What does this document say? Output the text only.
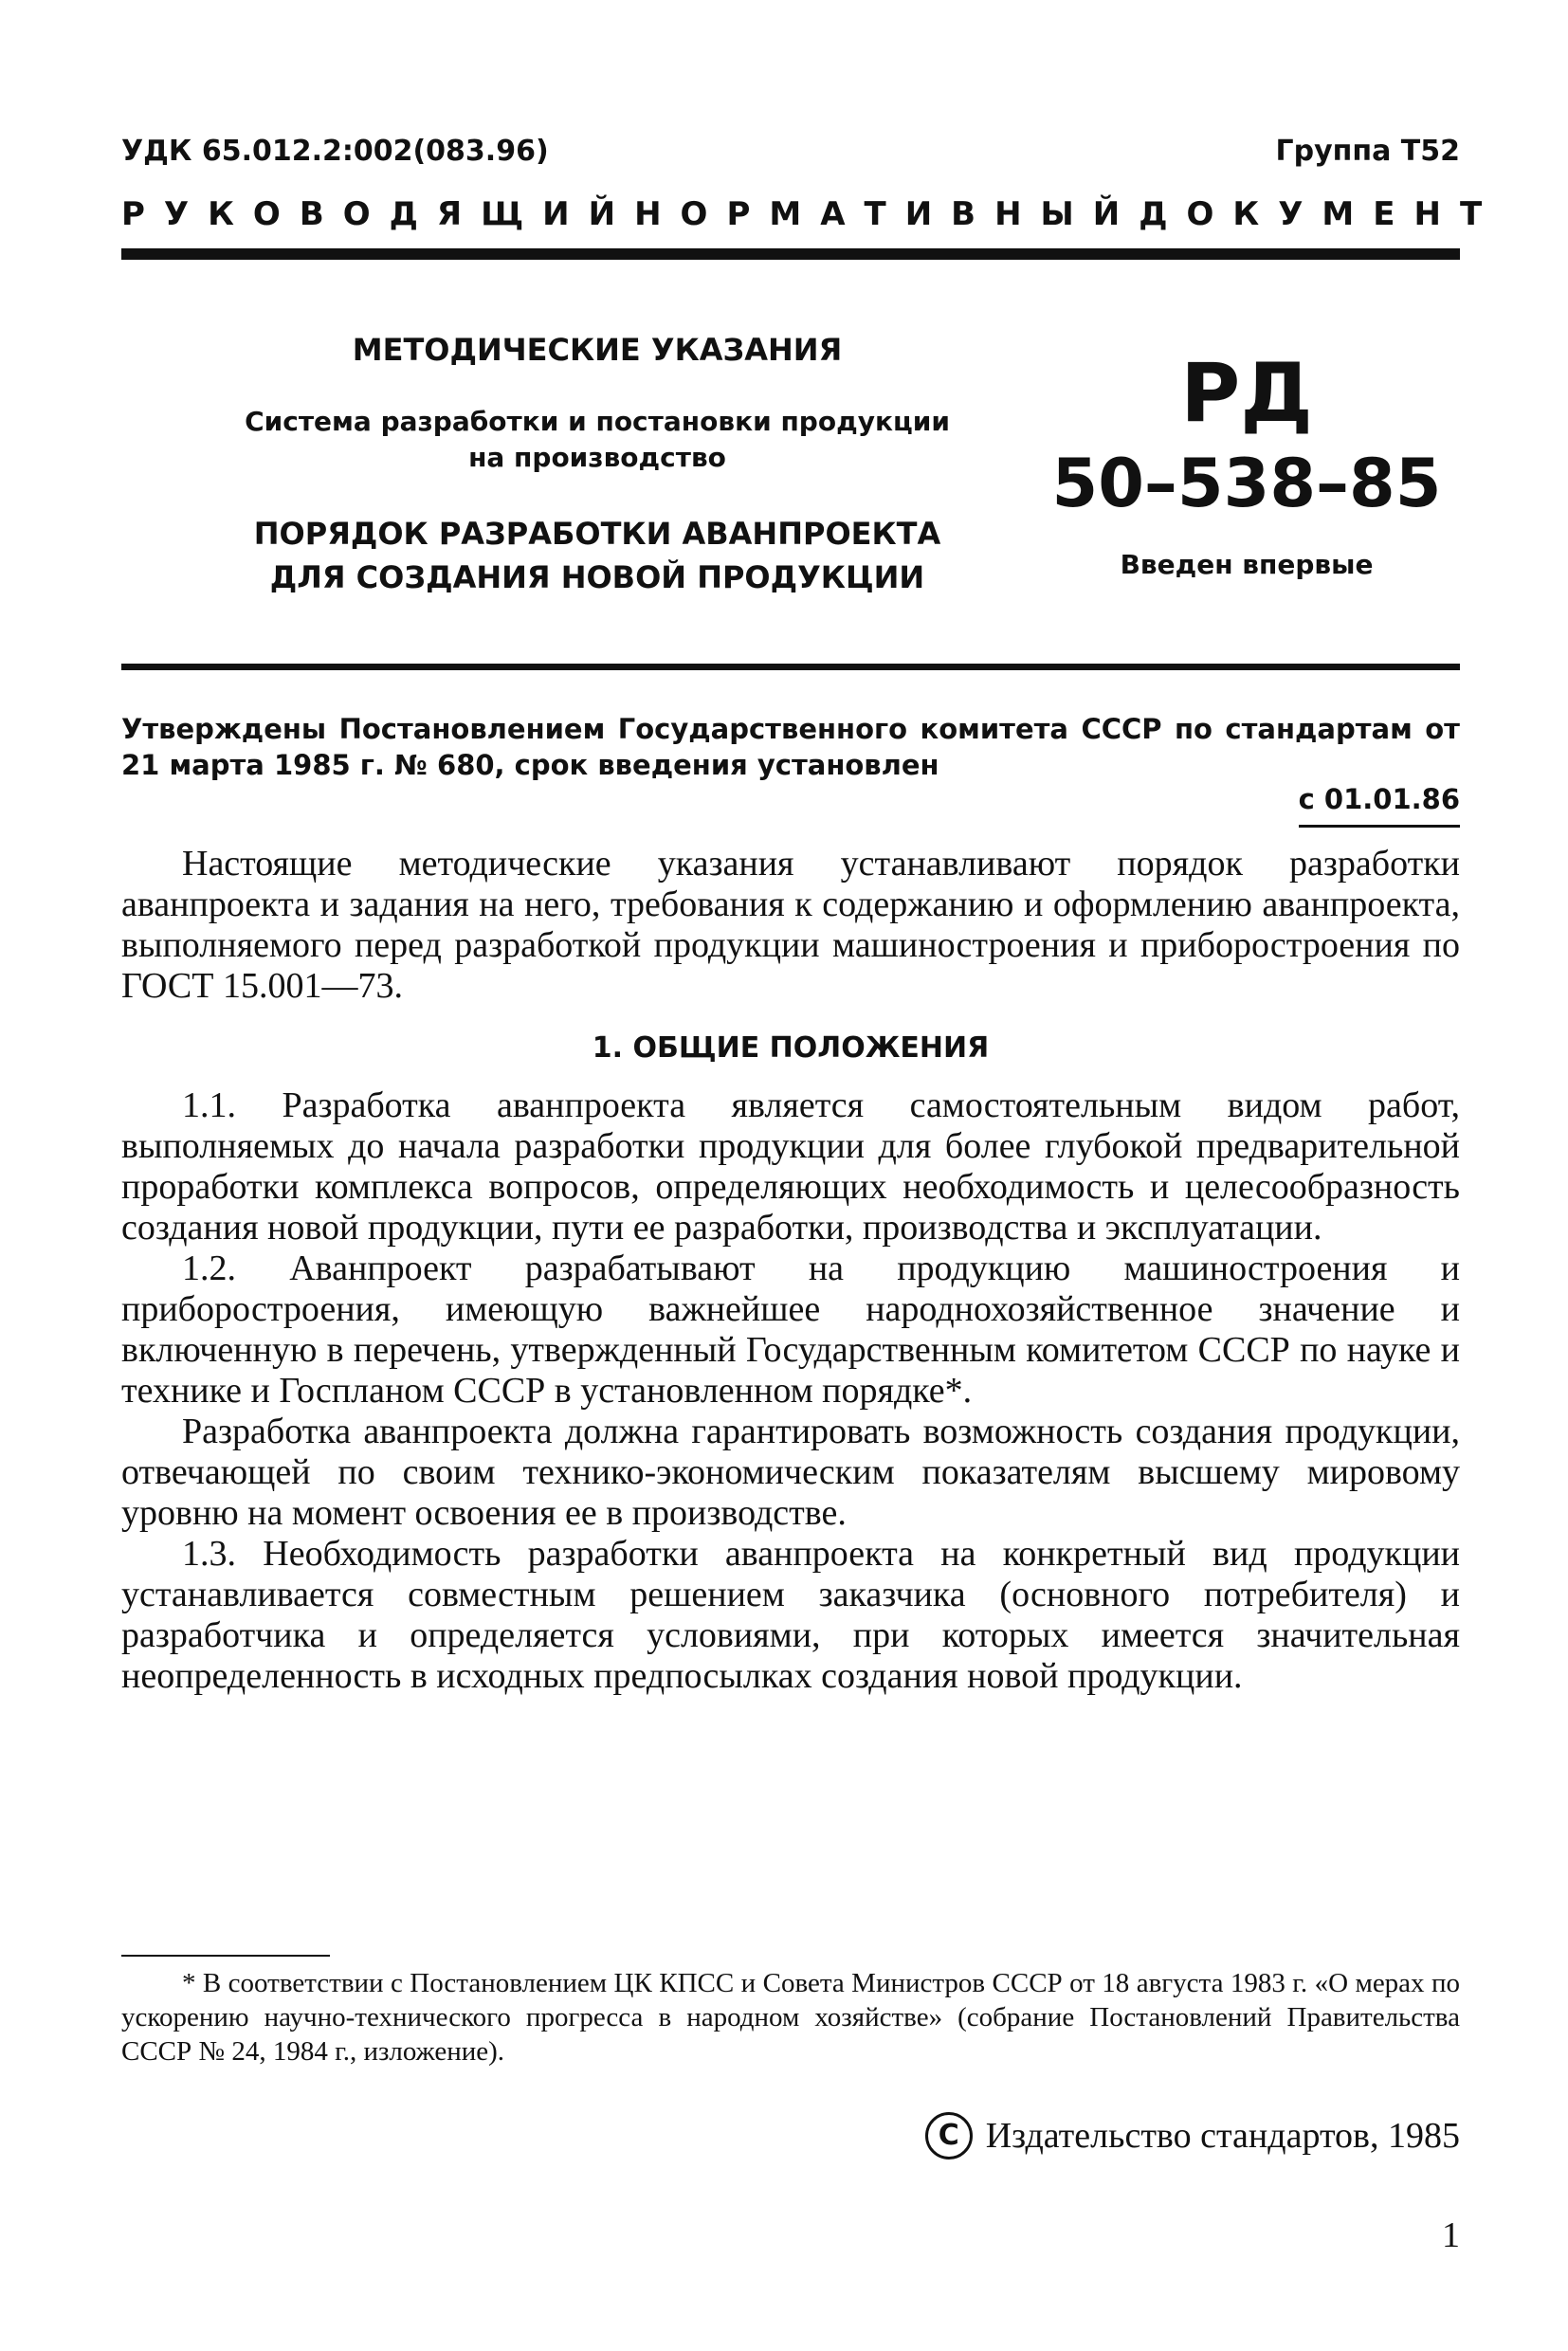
УДК 65.012.2:002(083.96)	Группа Т52
РУКОВОДЯЩИЙ НОРМАТИВНЫЙ ДОКУМЕНТ
МЕТОДИЧЕСКИЕ УКАЗАНИЯ
Система разработки и постановки продукции
на производство
ПОРЯДОК РАЗРАБОТКИ АВАНПРОЕКТА
ДЛЯ СОЗДАНИЯ НОВОЙ ПРОДУКЦИИ
РД
50–538–85
Введен впервые
Утверждены Постановлением Государственного комитета СССР по стандартам от 21 марта 1985 г. № 680, срок введения установлен
с 01.01.86

Настоящие методические указания устанавливают порядок разработки аванпроекта и задания на него, требования к содержанию и оформлению аванпроекта, выполняемого перед разработкой продукции машиностроения и приборостроения по ГОСТ 15.001—73.

1. ОБЩИЕ ПОЛОЖЕНИЯ

1.1. Разработка аванпроекта является самостоятельным видом работ, выполняемых до начала разработки продукции для более глубокой предварительной проработки комплекса вопросов, определяющих необходимость и целесообразность создания новой продукции, пути ее разработки, производства и эксплуатации.

1.2. Аванпроект разрабатывают на продукцию машиностроения и приборостроения, имеющую важнейшее народнохозяйственное значение и включенную в перечень, утвержденный Государственным комитетом СССР по науке и технике и Госпланом СССР в установленном порядке*.

Разработка аванпроекта должна гарантировать возможность создания продукции, отвечающей по своим технико-экономическим показателям высшему мировому уровню на момент освоения ее в производстве.

1.3. Необходимость разработки аванпроекта на конкретный вид продукции устанавливается совместным решением заказчика (основного потребителя) и разработчика и определяется условиями, при которых имеется значительная неопределенность в исходных предпосылках создания новой продукции.

* В соответствии с Постановлением ЦК КПСС и Совета Министров СССР от 18 августа 1983 г. «О мерах по ускорению научно-технического прогресса в народном хозяйстве» (собрание Постановлений Правительства СССР № 24, 1984 г., изложение).
C Издательство стандартов, 1985
1
